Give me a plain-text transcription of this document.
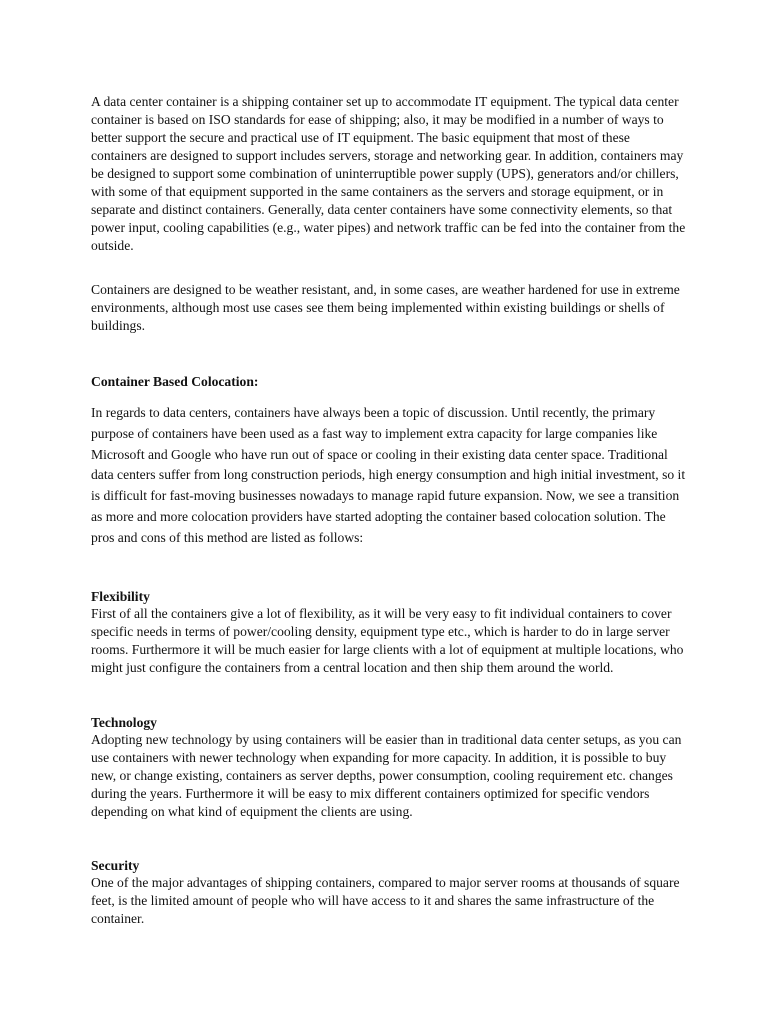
A data center container is a shipping container set up to accommodate IT equipment. The typical data center container is based on ISO standards for ease of shipping; also, it may be modified in a number of ways to better support the secure and practical use of IT equipment. The basic equipment that most of these containers are designed to support includes servers, storage and networking gear. In addition, containers may be designed to support some combination of uninterruptible power supply (UPS), generators and/or chillers, with some of that equipment supported in the same containers as the servers and storage equipment, or in separate and distinct containers. Generally, data center containers have some connectivity elements, so that power input, cooling capabilities (e.g., water pipes) and network traffic can be fed into the container from the outside.

Containers are designed to be weather resistant, and, in some cases, are weather hardened for use in extreme environments, although most use cases see them being implemented within existing buildings or shells of buildings.

Container Based Colocation:

In regards to data centers, containers have always been a topic of discussion. Until recently, the primary purpose of containers have been used as a fast way to implement extra capacity for large companies like Microsoft and Google who have run out of space or cooling in their existing data center space. Traditional data centers suffer from long construction periods, high energy consumption and high initial investment, so it is difficult for fast-moving businesses nowadays to manage rapid future expansion. Now, we see a transition as more and more colocation providers have started adopting the container based colocation solution. The pros and cons of this method are listed as follows:

Flexibility

First of all the containers give a lot of flexibility, as it will be very easy to fit individual containers to cover specific needs in terms of power/cooling density, equipment type etc., which is harder to do in large server rooms. Furthermore it will be much easier for large clients with a lot of equipment at multiple locations, who might just configure the containers from a central location and then ship them around the world.

Technology

Adopting new technology by using containers will be easier than in traditional data center setups, as you can use containers with newer technology when expanding for more capacity. In addition, it is possible to buy new, or change existing, containers as server depths, power consumption, cooling requirement etc. changes during the years. Furthermore it will be easy to mix different containers optimized for specific vendors depending on what kind of equipment the clients are using.

Security

One of the major advantages of shipping containers, compared to major server rooms at thousands of square feet, is the limited amount of people who will have access to it and shares the same infrastructure of the container.
